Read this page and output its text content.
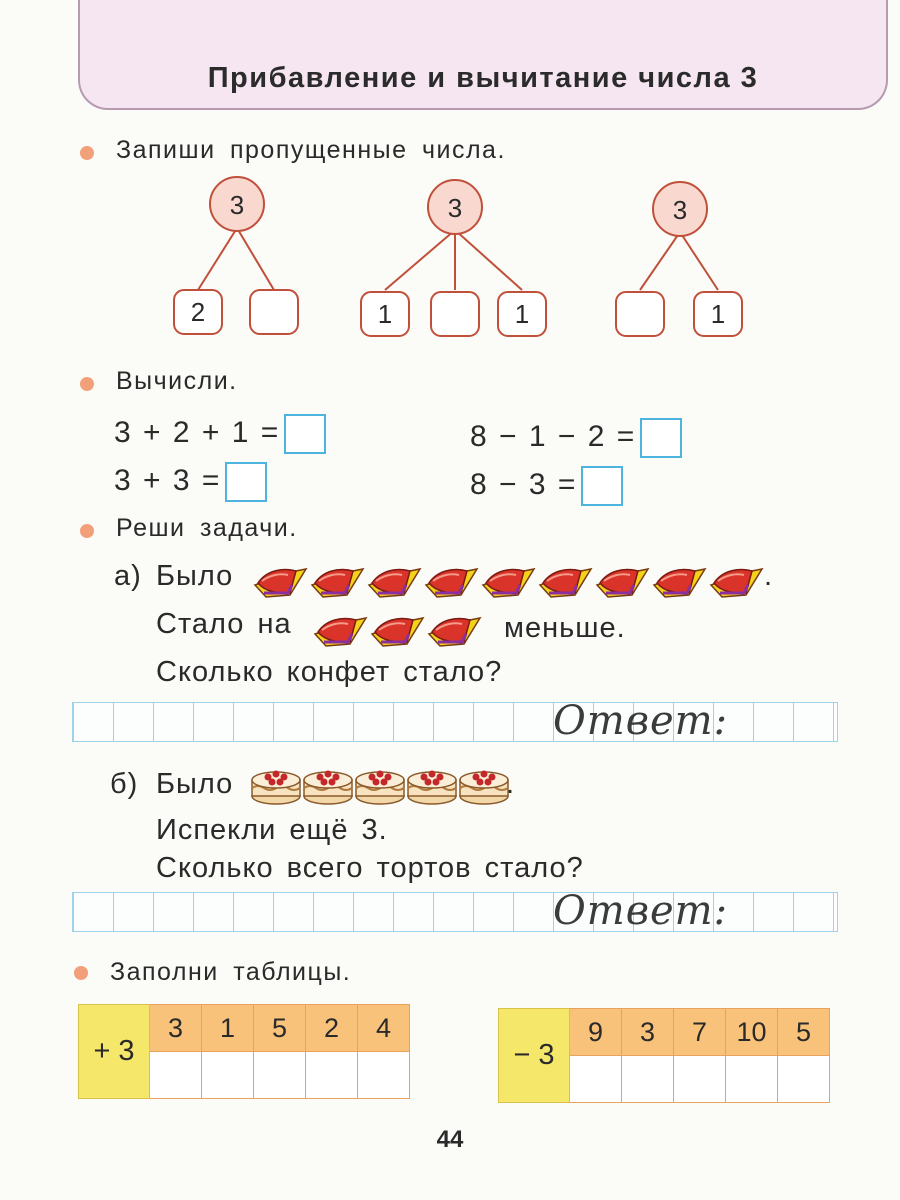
Прибавление и вычитание числа 3
Запиши пропущенные числа.
3	3	3
2	1	1	1
Вычисли.
3 + 2 + 1 =
3 + 3 =
8 − 1 − 2 =
8 − 3 =
Реши задачи.
а) Было	.
Стало на	меньше.
Сколько конфет стало?
Ответ:
б) Было	.
Испекли ещё 3.
Сколько всего тортов стало?
Ответ:
Заполни таблицы.
+ 3	3	1	5	2	4

− 3	9	3	7	10	5

44
